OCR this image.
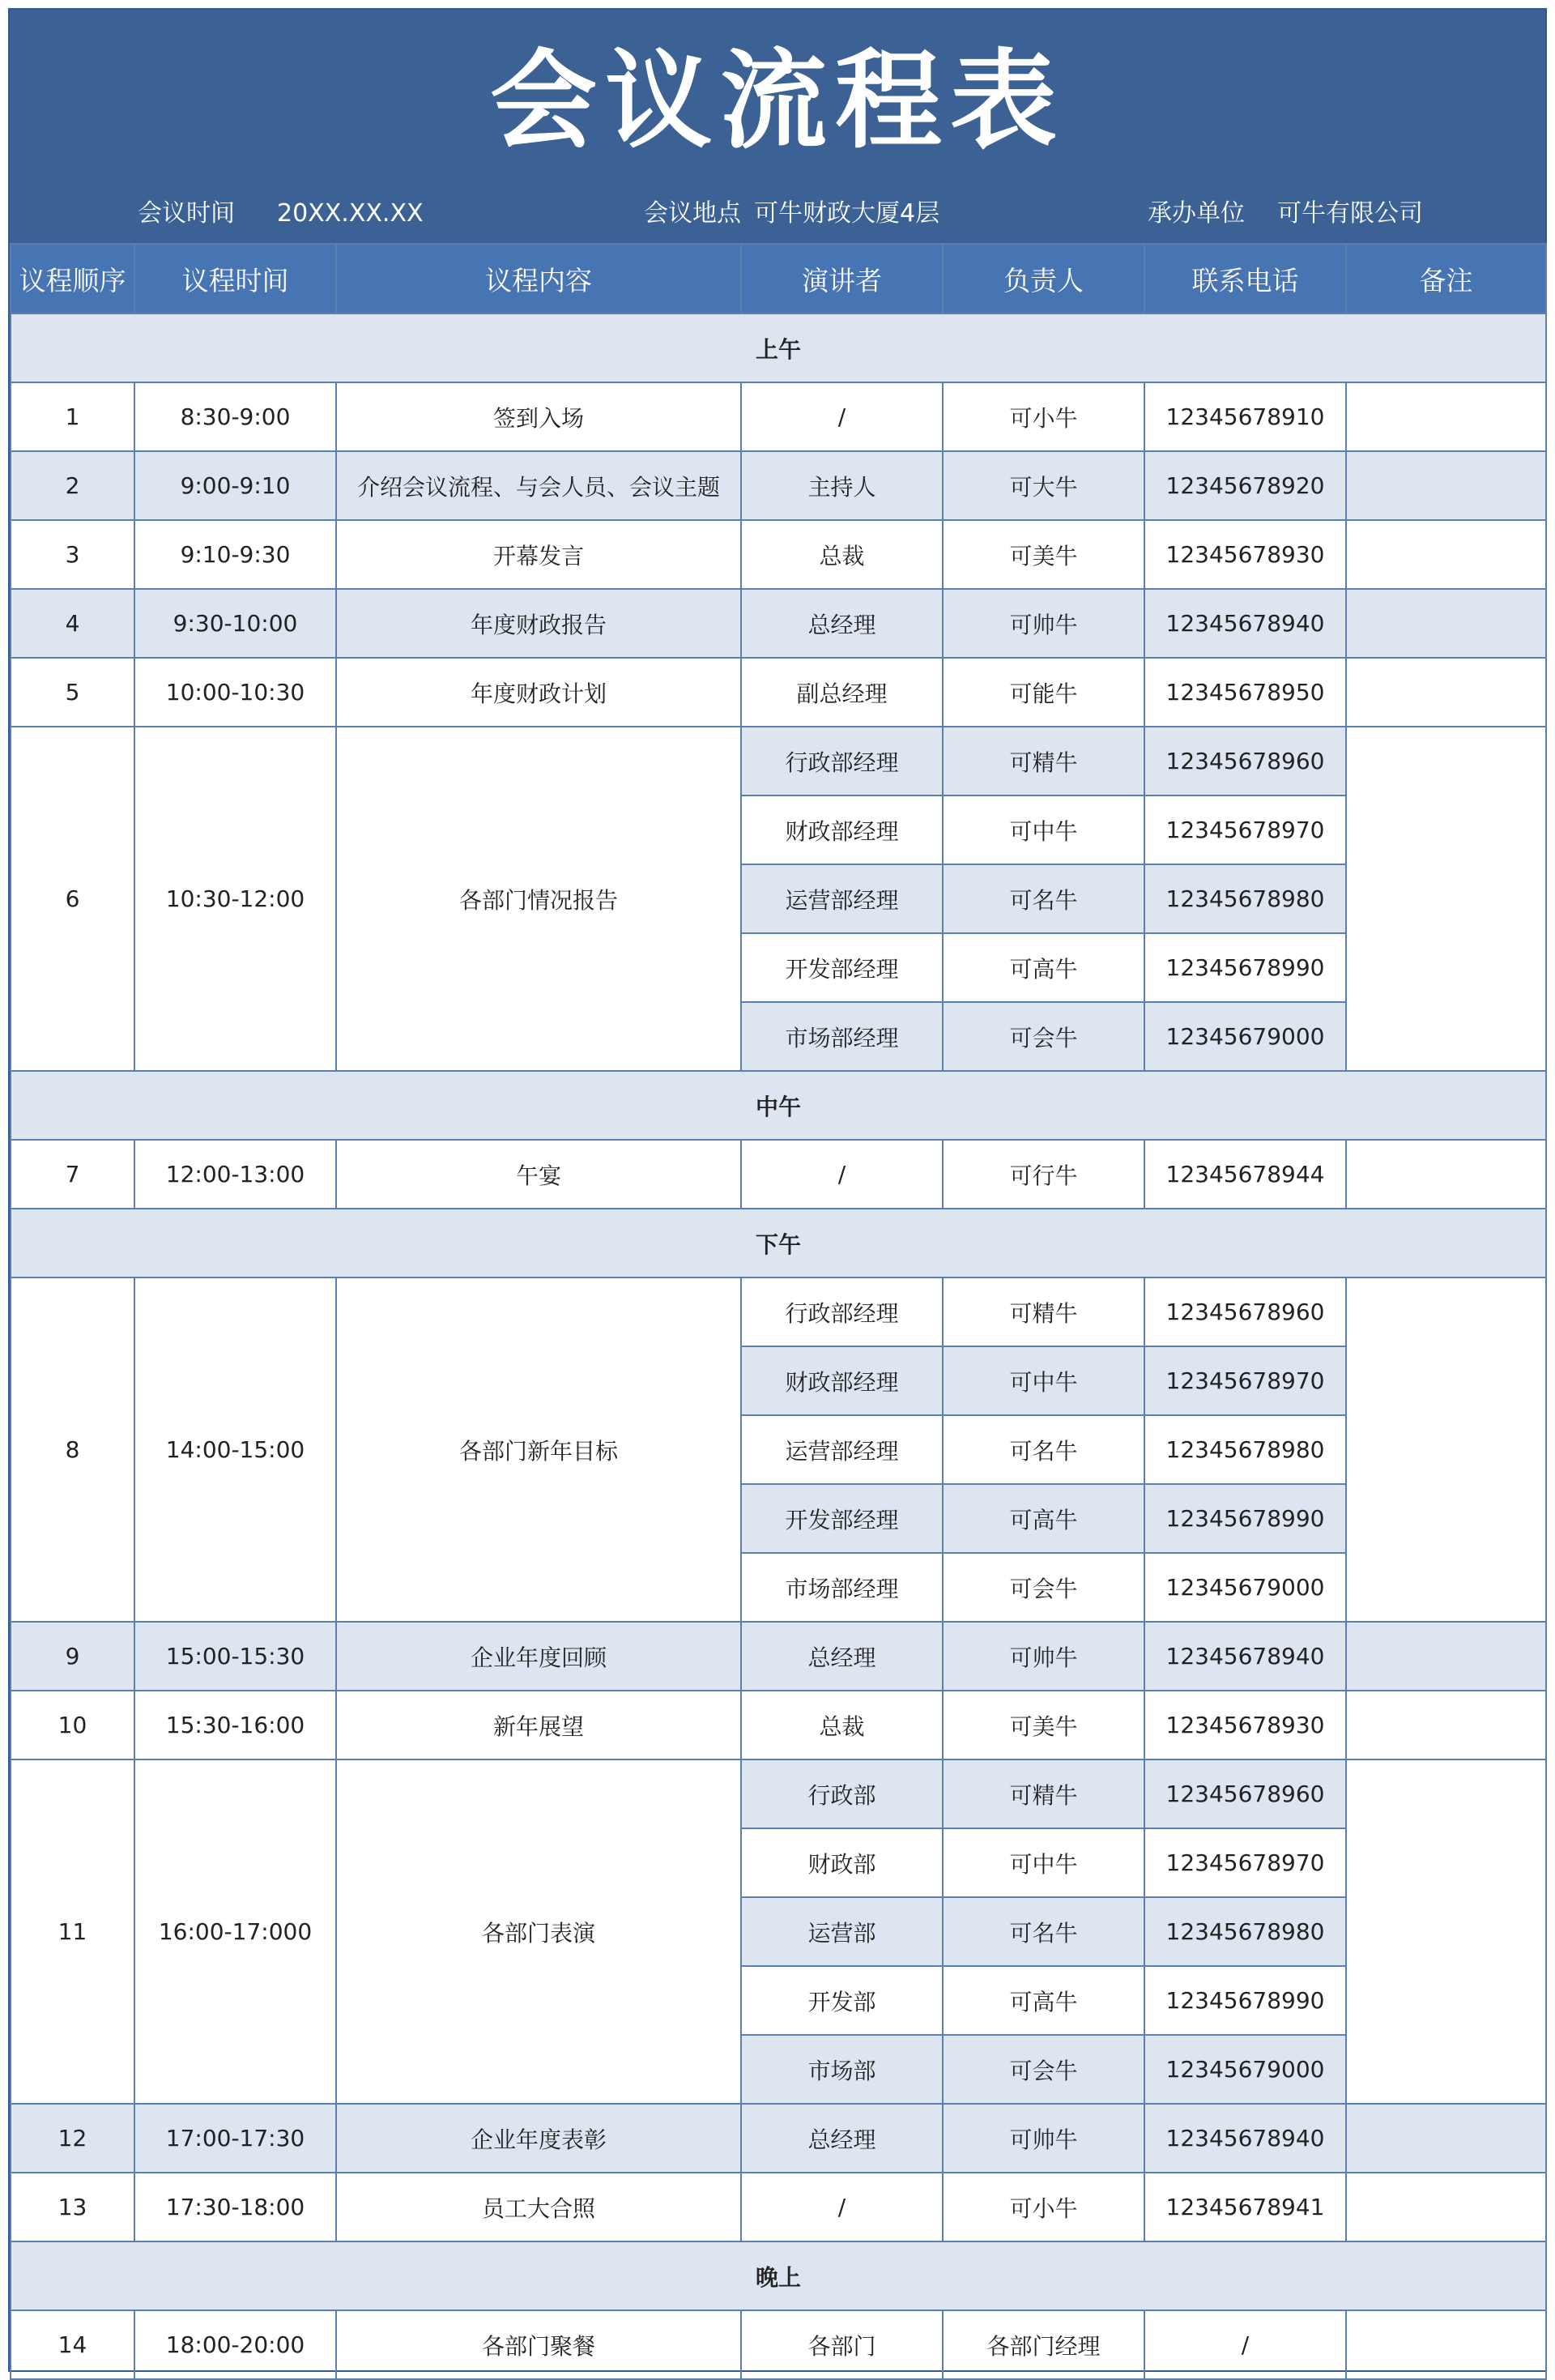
会议流程表
会议时间 20XX.XX.XX	会议地点 可牛财政大厦4层	承办单位 可牛有限公司
议程顺序	议程时间	议程内容	演讲者	负责人	联系电话	备注
上午						
1	8:30-9:00	签到入场	/	可小牛	12345678910	
2	9:00-9:10	介绍会议流程、与会人员、会议主题	主持人	可大牛	12345678920	
3	9:10-9:30	开幕发言	总裁	可美牛	12345678930	
4	9:30-10:00	年度财政报告	总经理	可帅牛	12345678940	
5	10:00-10:30	年度财政计划	副总经理	可能牛	12345678950	
6	10:30-12:00	各部门情况报告	行政部经理	可精牛	12345678960	
			财政部经理	可中牛	12345678970	
			运营部经理	可名牛	12345678980	
			开发部经理	可高牛	12345678990	
			市场部经理	可会牛	12345679000	
中午						
7	12:00-13:00	午宴	/	可行牛	12345678944	
下午						
8	14:00-15:00	各部门新年目标	行政部经理	可精牛	12345678960	
			财政部经理	可中牛	12345678970	
			运营部经理	可名牛	12345678980	
			开发部经理	可高牛	12345678990	
			市场部经理	可会牛	12345679000	
9	15:00-15:30	企业年度回顾	总经理	可帅牛	12345678940	
10	15:30-16:00	新年展望	总裁	可美牛	12345678930	
11	16:00-17:000	各部门表演	行政部	可精牛	12345678960	
			财政部	可中牛	12345678970	
			运营部	可名牛	12345678980	
			开发部	可高牛	12345678990	
			市场部	可会牛	12345679000	
12	17:00-17:30	企业年度表彰	总经理	可帅牛	12345678940	
13	17:30-18:00	员工大合照	/	可小牛	12345678941	
晚上						
14	18:00-20:00	各部门聚餐	各部门	各部门经理	/	
